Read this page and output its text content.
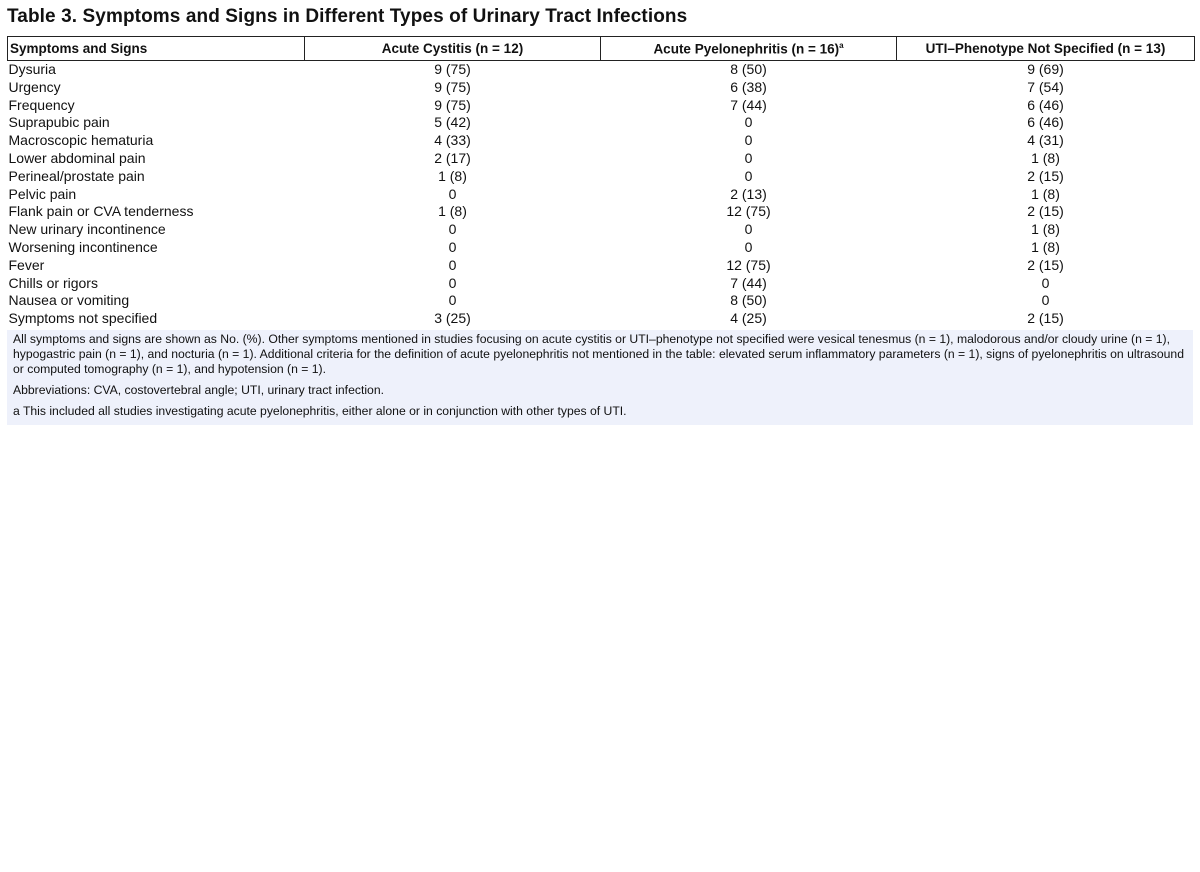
Table 3. Symptoms and Signs in Different Types of Urinary Tract Infections
Symptoms and Signs	Acute Cystitis (n = 12)	Acute Pyelonephritis (n = 16)$^a$	UTI–Phenotype Not Specified (n = 13)
Dysuria	9 (75)	8 (50)	9 (69)
Urgency	9 (75)	6 (38)	7 (54)
Frequency	9 (75)	7 (44)	6 (46)
Suprapubic pain	5 (42)	0	6 (46)
Macroscopic hematuria	4 (33)	0	4 (31)
Lower abdominal pain	2 (17)	0	1 (8)
Perineal/prostate pain	1 (8)	0	2 (15)
Pelvic pain	0	2 (13)	1 (8)
Flank pain or CVA tenderness	1 (8)	12 (75)	2 (15)
New urinary incontinence	0	0	1 (8)
Worsening incontinence	0	0	1 (8)
Fever	0	12 (75)	2 (15)
Chills or rigors	0	7 (44)	0
Nausea or vomiting	0	8 (50)	0
Symptoms not specified	3 (25)	4 (25)	2 (15)

All symptoms and signs are shown as No. (%). Other symptoms mentioned in studies focusing on acute cystitis or UTI–phenotype not specified were vesical tenesmus (n = 1), malodorous and/or cloudy urine (n = 1), hypogastric pain (n = 1), and nocturia (n = 1). Additional criteria for the definition of acute pyelonephritis not mentioned in the table: elevated serum inflammatory parameters (n = 1), signs of pyelonephritis on ultrasound or computed tomography (n = 1), and hypotension (n = 1).

Abbreviations: CVA, costovertebral angle; UTI, urinary tract infection.

a This included all studies investigating acute pyelonephritis, either alone or in conjunction with other types of UTI.
